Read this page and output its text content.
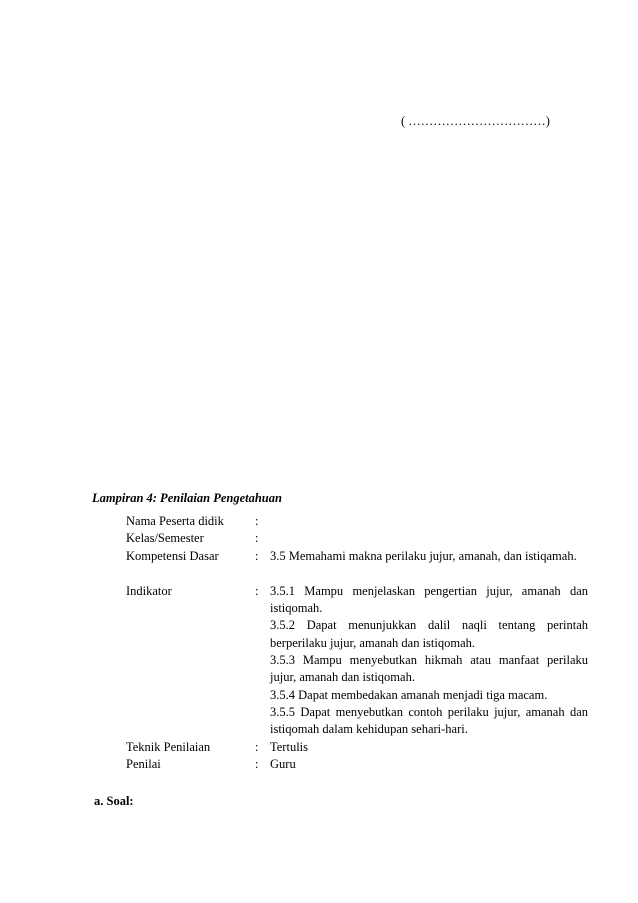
( ……………………………)
Lampiran 4: Penilaian Pengetahuan
Nama Peserta didik	:	
Kelas/Semester	:	
Kompetensi Dasar	:	3.5 Memahami makna perilaku jujur, amanah, dan istiqamah.

Indikator	:	3.5.1 Mampu menjelaskan pengertian jujur, amanah dan istiqomah.
3.5.2 Dapat menunjukkan dalil naqli tentang perintah berperilaku jujur, amanah dan istiqomah.
3.5.3 Mampu menyebutkan hikmah atau manfaat perilaku jujur, amanah dan istiqomah.
3.5.4 Dapat membedakan amanah menjadi tiga macam.
3.5.5 Dapat menyebutkan contoh perilaku jujur, amanah dan istiqomah dalam kehidupan sehari-hari.

Teknik Penilaian	:	Tertulis
Penilai	:	Guru
a. Soal:
